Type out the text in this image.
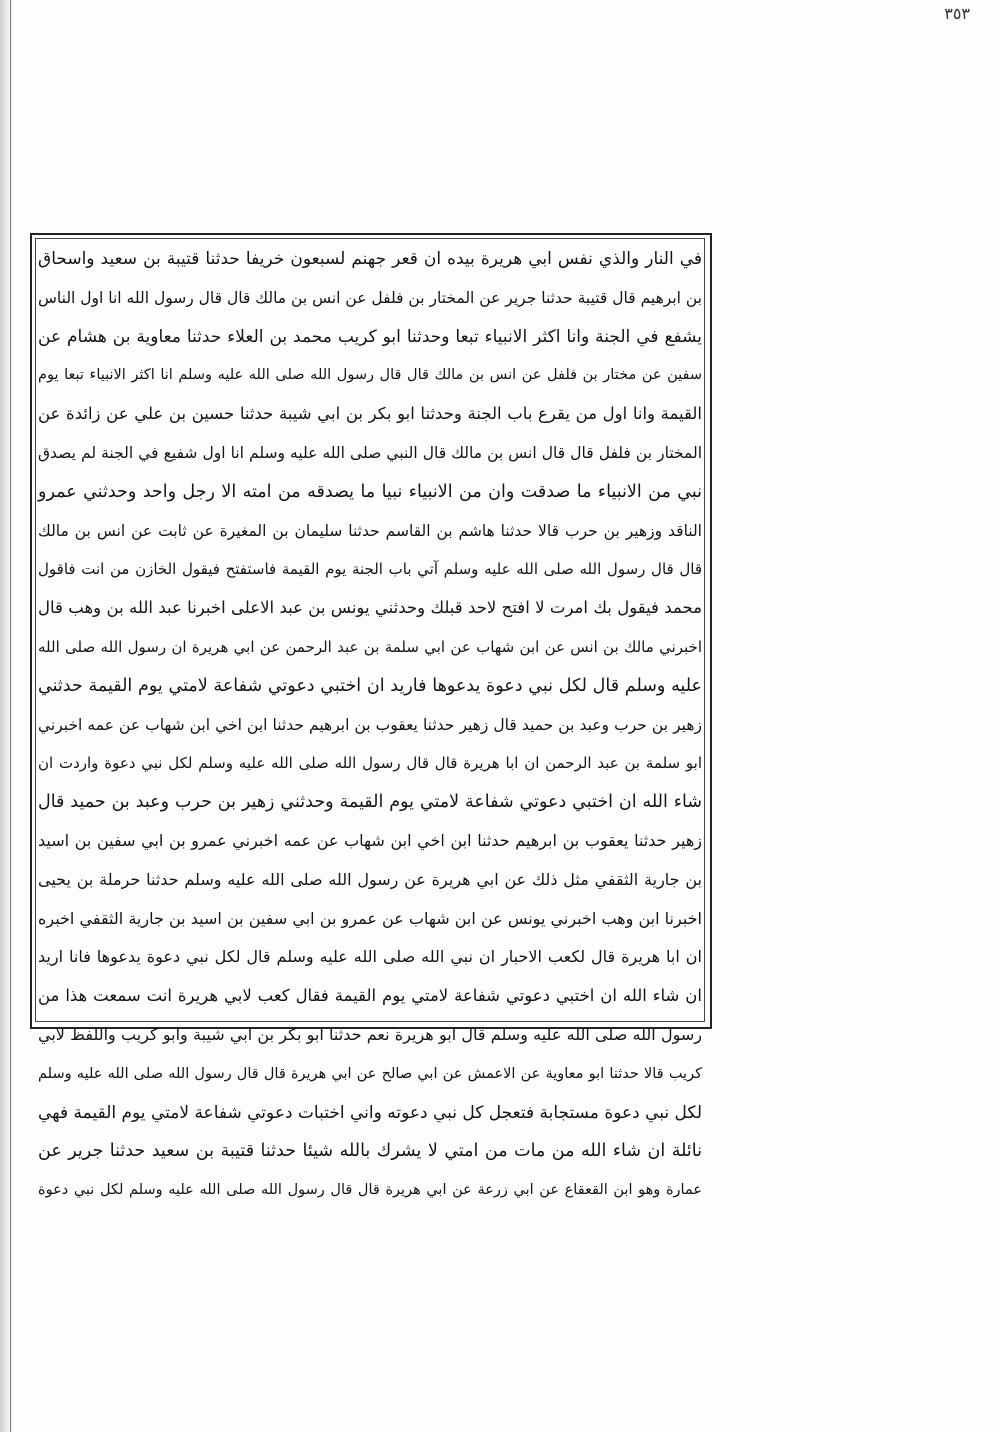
٣٥٣
في النار والذي نفس ابي هريرة بيده ان قعر جهنم لسبعون خريفا حدثنا قتيبة بن سعيد واسحاق
بن ابرهيم قال قتيبة حدثنا جرير عن المختار بن فلفل عن انس بن مالك قال قال رسول الله انا اول الناس
يشفع في الجنة وانا اكثر الانبياء تبعا وحدثنا ابو كريب محمد بن العلاء حدثنا معاوية بن هشام عن
سفين عن مختار بن فلفل عن انس بن مالك قال قال رسول الله صلى الله عليه وسلم انا اكثر الانبياء تبعا يوم
القيمة وانا اول من يقرع باب الجنة وحدثنا ابو بكر بن ابي شيبة حدثنا حسين بن علي عن زائدة عن
المختار بن فلفل قال قال انس بن مالك قال النبي صلى الله عليه وسلم انا اول شفيع في الجنة لم يصدق
نبي من الانبياء ما صدقت وان من الانبياء نبيا ما يصدقه من امته الا رجل واحد وحدثني عمرو
الناقد وزهير بن حرب قالا حدثنا هاشم بن القاسم حدثنا سليمان بن المغيرة عن ثابت عن انس بن مالك
قال قال رسول الله صلى الله عليه وسلم آتي باب الجنة يوم القيمة فاستفتح فيقول الخازن من انت فاقول
محمد فيقول بك امرت لا افتح لاحد قبلك وحدثني يونس بن عبد الاعلى اخبرنا عبد الله بن وهب قال
اخبرني مالك بن انس عن ابن شهاب عن ابي سلمة بن عبد الرحمن عن ابي هريرة ان رسول الله صلى الله
عليه وسلم قال لكل نبي دعوة يدعوها فاريد ان اختبي دعوتي شفاعة لامتي يوم القيمة حدثني
زهير بن حرب وعبد بن حميد قال زهير حدثنا يعقوب بن ابرهيم حدثنا ابن اخي ابن شهاب عن عمه اخبرني
ابو سلمة بن عبد الرحمن ان ابا هريرة قال قال رسول الله صلى الله عليه وسلم لكل نبي دعوة واردت ان
شاء الله ان اختبي دعوتي شفاعة لامتي يوم القيمة وحدثني زهير بن حرب وعبد بن حميد قال
زهير حدثنا يعقوب بن ابرهيم حدثنا ابن اخي ابن شهاب عن عمه اخبرني عمرو بن ابي سفين بن اسيد
بن جارية الثقفي مثل ذلك عن ابي هريرة عن رسول الله صلى الله عليه وسلم حدثنا حرملة بن يحيى
اخبرنا ابن وهب اخبرني يونس عن ابن شهاب عن عمرو بن ابي سفين بن اسيد بن جارية الثقفي اخبره
ان ابا هريرة قال لكعب الاحبار ان نبي الله صلى الله عليه وسلم قال لكل نبي دعوة يدعوها فانا اريد
ان شاء الله ان اختبي دعوتي شفاعة لامتي يوم القيمة فقال كعب لابي هريرة انت سمعت هذا من
رسول الله صلى الله عليه وسلم قال ابو هريرة نعم حدثنا ابو بكر بن ابي شيبة وابو كريب واللفظ لابي
كريب قالا حدثنا ابو معاوية عن الاعمش عن ابي صالح عن ابي هريرة قال قال رسول الله صلى الله عليه وسلم
لكل نبي دعوة مستجابة فتعجل كل نبي دعوته واني اختبات دعوتي شفاعة لامتي يوم القيمة فهي
نائلة ان شاء الله من مات من امتي لا يشرك بالله شيئا حدثنا قتيبة بن سعيد حدثنا جرير عن
عمارة وهو ابن القعقاع عن ابي زرعة عن ابي هريرة قال قال رسول الله صلى الله عليه وسلم لكل نبي دعوة
